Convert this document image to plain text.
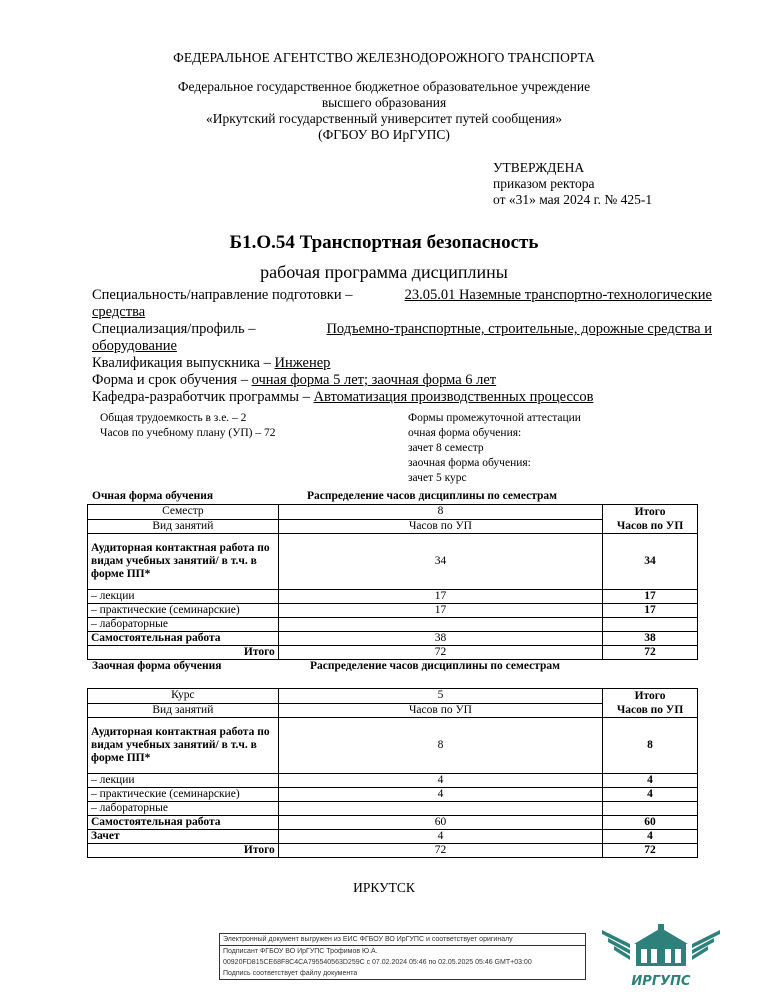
ФЕДЕРАЛЬНОЕ АГЕНТСТВО ЖЕЛЕЗНОДОРОЖНОГО ТРАНСПОРТА
Федеральное государственное бюджетное образовательное учреждение
высшего образования
«Иркутский государственный университет путей сообщения»
(ФГБОУ ВО ИрГУПС)
УТВЕРЖДЕНА
приказом ректора
от «31» мая 2024 г. № 425-1
Б1.О.54 Транспортная безопасность
рабочая программа дисциплины
Специальность/направление подготовки –	23.05.01 Наземные транспортно-технологические
средства
Специализация/профиль –	Подъемно-транспортные, строительные, дорожные средства и
оборудование
Квалификация выпускника – Инженер
Форма и срок обучения – очная форма 5 лет; заочная форма 6 лет
Кафедра-разработчик программы – Автоматизация производственных процессов
Общая трудоемкость в з.е. – 2
Часов по учебному плану (УП) – 72
Формы промежуточной аттестации
очная форма обучения:
зачет 8 семестр
заочная форма обучения:
зачет 5 курс
Очная форма обучения	Распределение часов дисциплины по семестрам
Семестр	8	Итого
Часов по УП

Вид занятий	Часов по УП	
Аудиторная контактная работа по видам учебных занятий/ в т.ч. в форме ПП*	34	34
– лекции	17	17
– практические (семинарские)	17	17
– лабораторные		
Самостоятельная работа	38	38
Итого	72	72
Заочная форма обучения	Распределение часов дисциплины по семестрам
Курс	5	Итого
Часов по УП

Вид занятий	Часов по УП	
Аудиторная контактная работа по видам учебных занятий/ в т.ч. в форме ПП*	8	8
– лекции	4	4
– практические (семинарские)	4	4
– лабораторные		
Самостоятельная работа	60	60
Зачет	4	4
Итого	72	72
ИРКУТСК
Электронный документ выгружен из ЕИС ФГБОУ ВО ИрГУПС и соответствует оригиналу
Подписант ФГБОУ ВО ИрГУПС Трофимов Ю.А.
00920FD815CE68F8C4CA795540563D259C с 07.02.2024 05:46 по 02.05.2025 05:46 GMT+03:00
Подпись соответствует файлу документа
ИРГУПС
